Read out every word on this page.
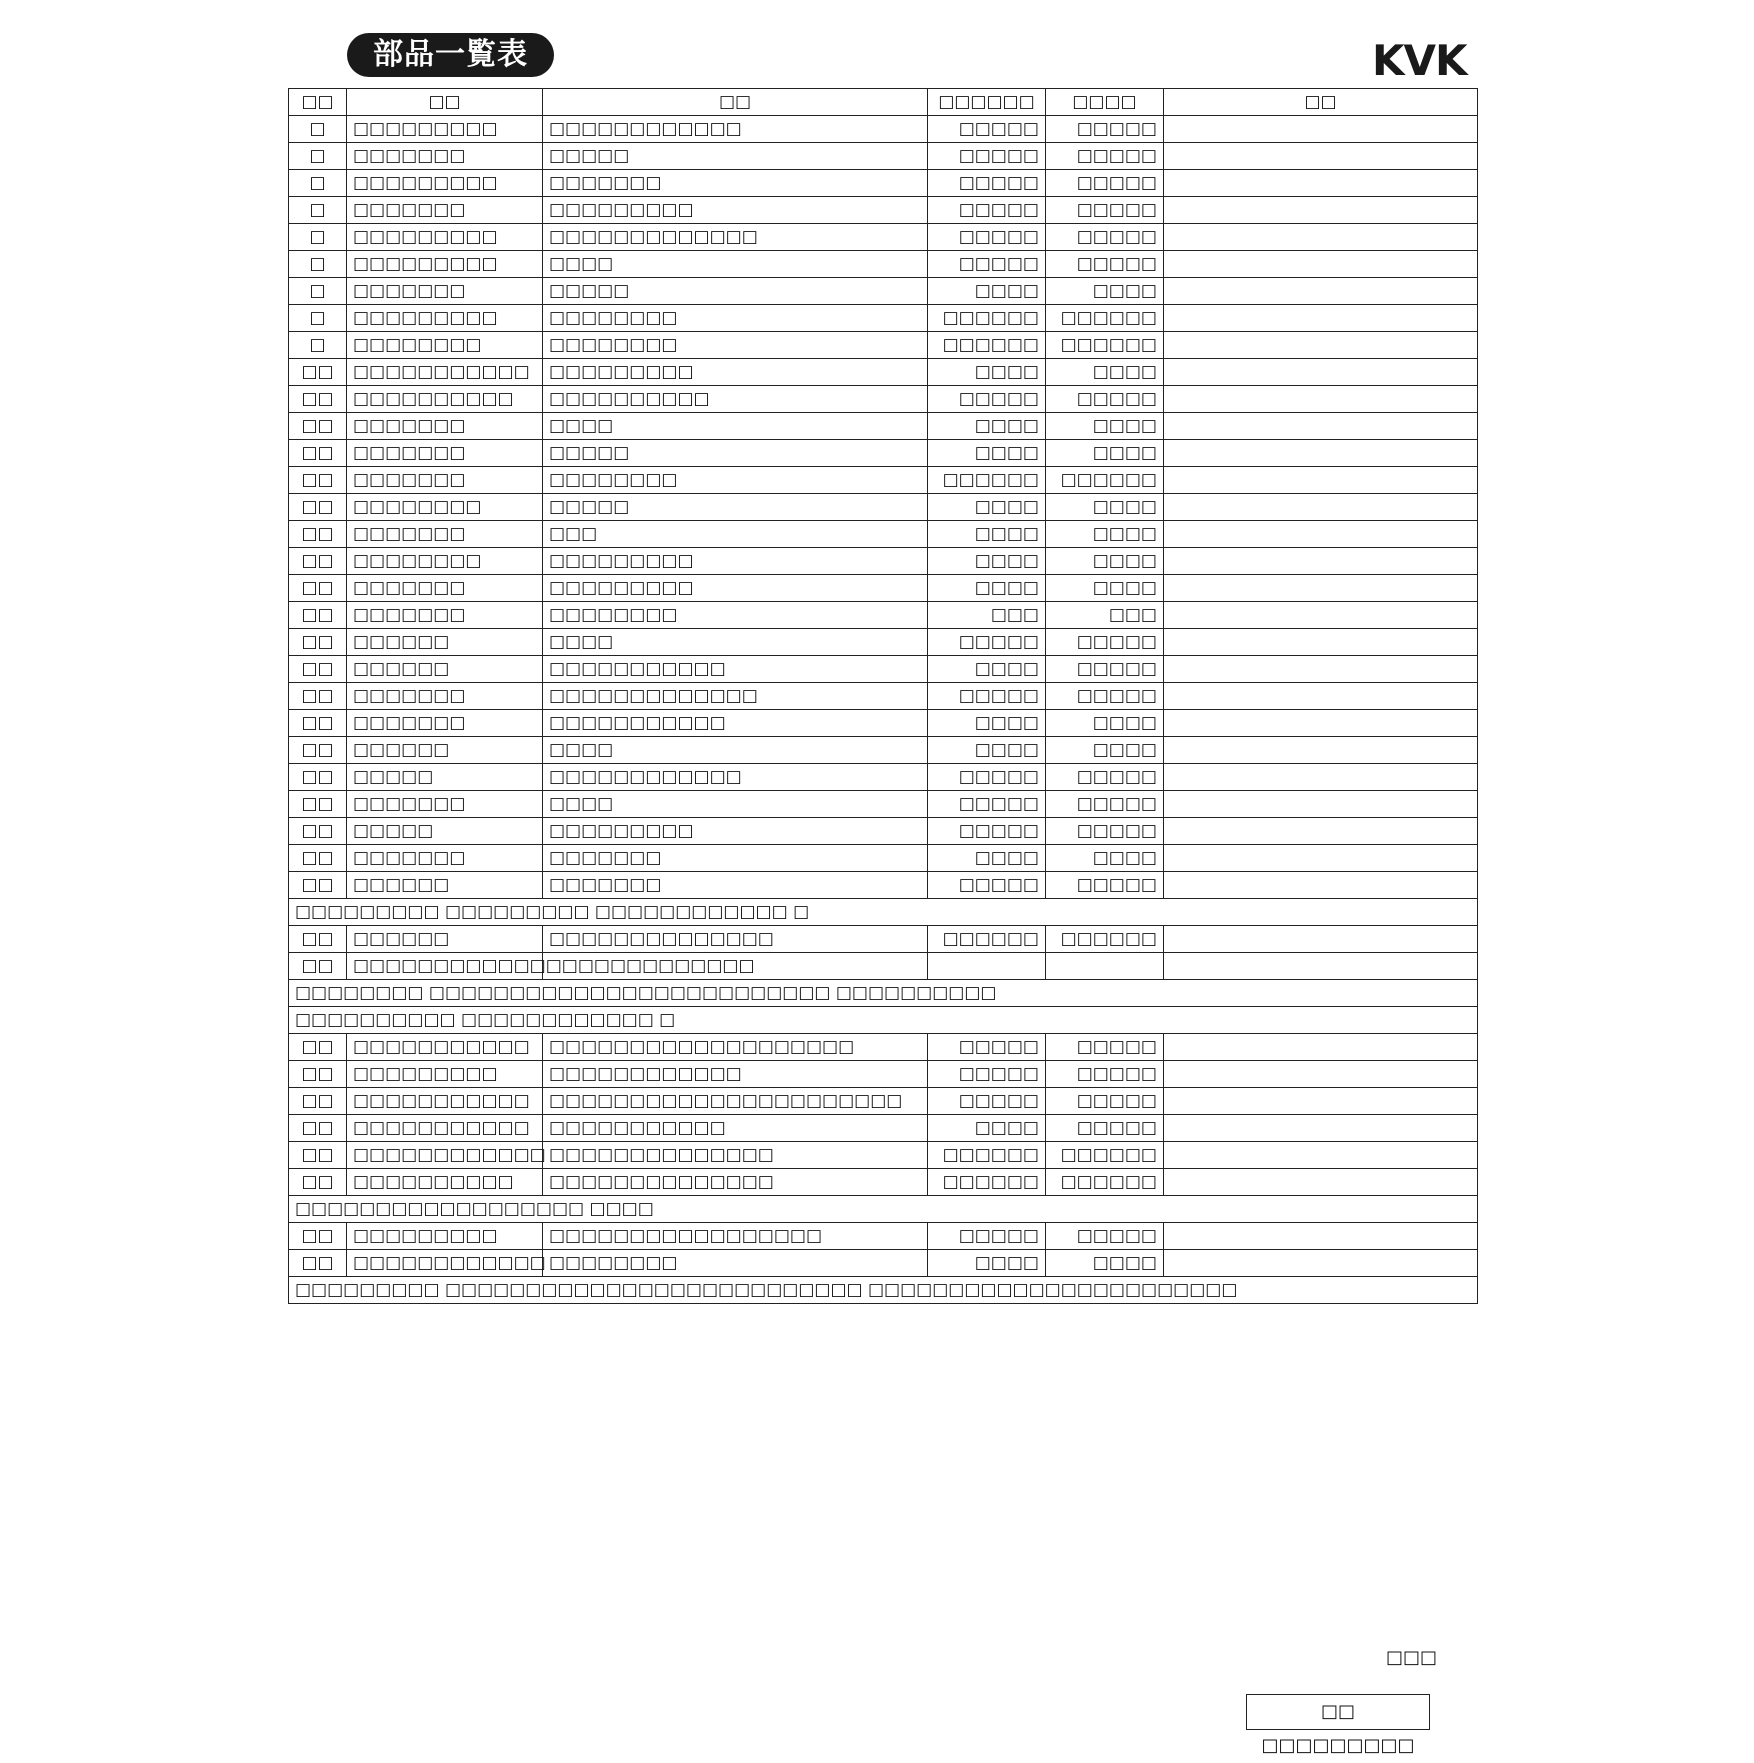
部品一覧表	KVK
□□	□□	□□	□□□□□□	□□□□	□□
□	□□□□□□□□□	□□□□□□□□□□□□	□□□□□	□□□□□	
□	□□□□□□□	□□□□□	□□□□□	□□□□□	
□	□□□□□□□□□	□□□□□□□	□□□□□	□□□□□	
□	□□□□□□□	□□□□□□□□□	□□□□□	□□□□□	
□	□□□□□□□□□	□□□□□□□□□□□□□	□□□□□	□□□□□	
□	□□□□□□□□□	□□□□	□□□□□	□□□□□	
□	□□□□□□□	□□□□□	□□□□	□□□□	
□	□□□□□□□□□	□□□□□□□□	□□□□□□	□□□□□□	
□	□□□□□□□□	□□□□□□□□	□□□□□□	□□□□□□	
□□	□□□□□□□□□□□	□□□□□□□□□	□□□□	□□□□	
□□	□□□□□□□□□□	□□□□□□□□□□	□□□□□	□□□□□	
□□	□□□□□□□	□□□□	□□□□	□□□□	
□□	□□□□□□□	□□□□□	□□□□	□□□□	
□□	□□□□□□□	□□□□□□□□	□□□□□□	□□□□□□	
□□	□□□□□□□□	□□□□□	□□□□	□□□□	
□□	□□□□□□□	□□□	□□□□	□□□□	
□□	□□□□□□□□	□□□□□□□□□	□□□□	□□□□	
□□	□□□□□□□	□□□□□□□□□	□□□□	□□□□	
□□	□□□□□□□	□□□□□□□□	□□□	□□□	
□□	□□□□□□	□□□□	□□□□□	□□□□□	
□□	□□□□□□	□□□□□□□□□□□	□□□□	□□□□□	
□□	□□□□□□□	□□□□□□□□□□□□□	□□□□□	□□□□□	
□□	□□□□□□□	□□□□□□□□□□□	□□□□	□□□□	
□□	□□□□□□	□□□□	□□□□	□□□□	
□□	□□□□□	□□□□□□□□□□□□	□□□□□	□□□□□	
□□	□□□□□□□	□□□□	□□□□□	□□□□□	
□□	□□□□□	□□□□□□□□□	□□□□□	□□□□□	
□□	□□□□□□□	□□□□□□□	□□□□	□□□□	
□□	□□□□□□	□□□□□□□	□□□□□	□□□□□	
□□□□□□□□□ □□□□□□□□□ □□□□□□□□□□□□ □					
□□	□□□□□□	□□□□□□□□□□□□□□	□□□□□□	□□□□□□	
□□	□□□□□□□□□□□□□□□□□□□□□□□□□				
□□□□□□□□ □□□□□□□□□□□□□□□□□□□□□□□□□ □□□□□□□□□□					
□□□□□□□□□□ □□□□□□□□□□□□ □					
□□	□□□□□□□□□□□	□□□□□□□□□□□□□□□□□□□	□□□□□	□□□□□	
□□	□□□□□□□□□	□□□□□□□□□□□□	□□□□□	□□□□□	
□□	□□□□□□□□□□□	□□□□□□□□□□□□□□□□□□□□□□	□□□□□	□□□□□	
□□	□□□□□□□□□□□	□□□□□□□□□□□	□□□□	□□□□□	
□□	□□□□□□□□□□□□	□□□□□□□□□□□□□□	□□□□□□	□□□□□□	
□□	□□□□□□□□□□	□□□□□□□□□□□□□□	□□□□□□	□□□□□□	
□□□□□□□□□□□□□□□□□□ □□□□					
□□	□□□□□□□□□	□□□□□□□□□□□□□□□□□	□□□□□	□□□□□	
□□	□□□□□□□□□□□□	□□□□□□□□	□□□□	□□□□	
□□□□□□□□□ □□□□□□□□□□□□□□□□□□□□□□□□□□ □□□□□□□□□□□□□□□□□□□□□□□					
□□□
□□ □□□□□□□□□
